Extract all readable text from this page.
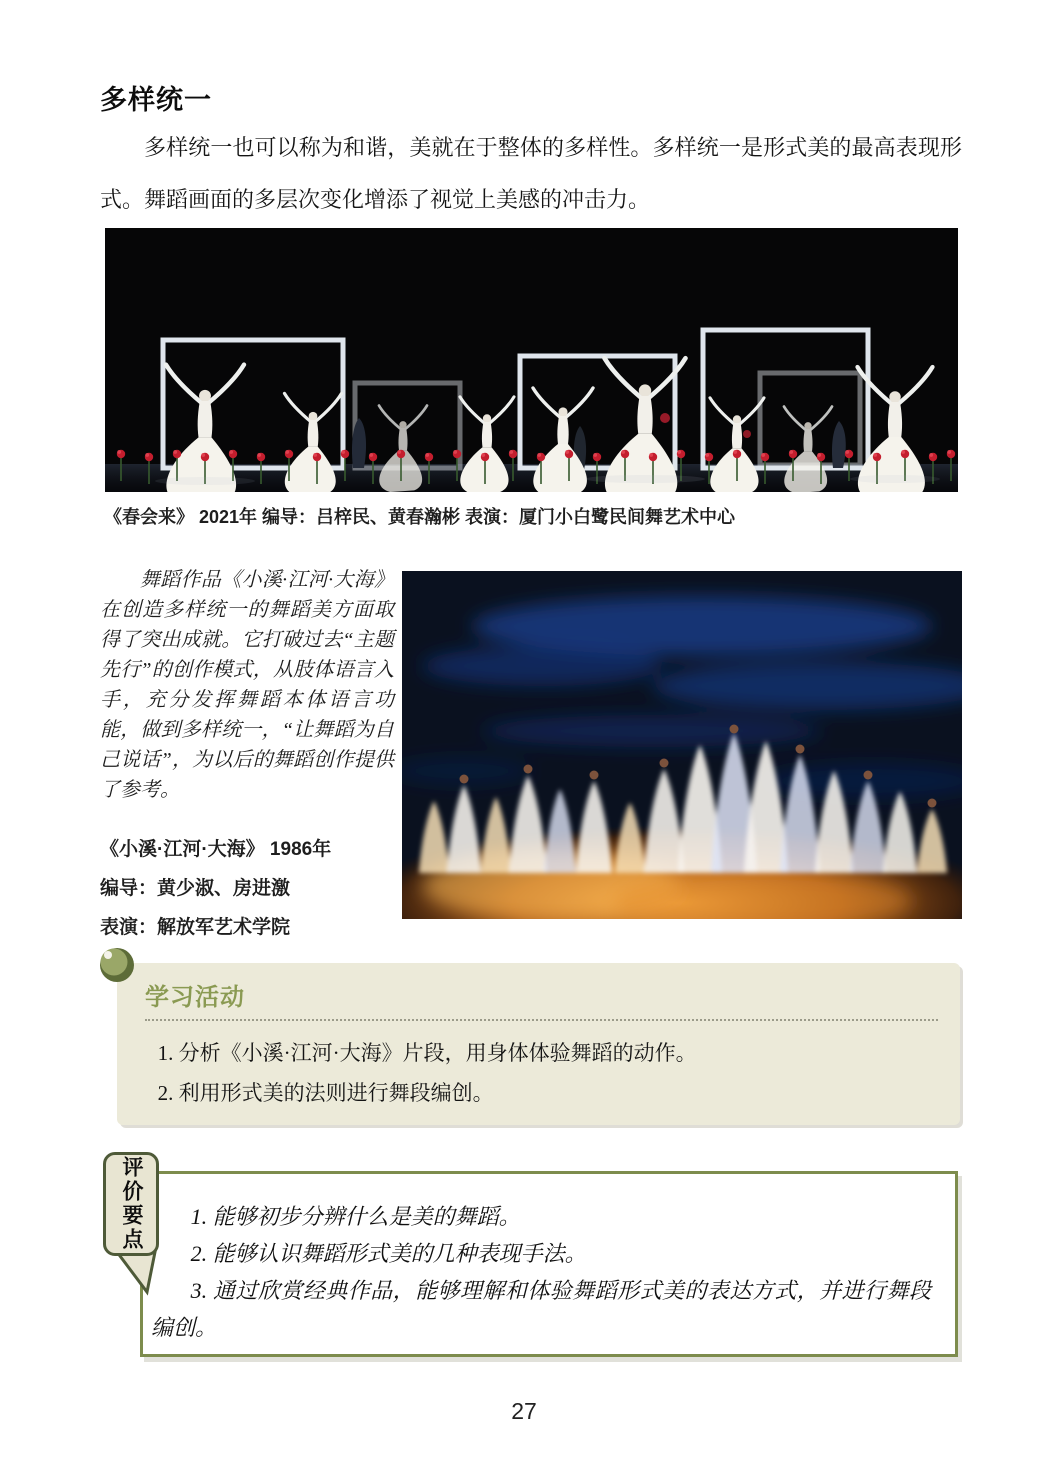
多样统一
多样统一也可以称为和谐，美就在于整体的多样性。多样统一是形式美的最高表现形式。舞蹈画面的多层次变化增添了视觉上美感的冲击力。
《春会来》 2021年 编导：吕梓民、黄春瀚彬 表演：厦门小白鹭民间舞艺术中心
舞蹈作品《小溪·江河·大海》在创造多样统一的舞蹈美方面取得了突出成就。它打破过去“主题先行”的创作模式，从肢体语言入手，充分发挥舞蹈本体语言功能，做到多样统一，“让舞蹈为自己说话”，为以后的舞蹈创作提供了参考。
《小溪·江河·大海》 1986年
编导：黄少淑、房进激
表演：解放军艺术学院
学习活动

1. 分析《小溪·江河·大海》片段，用身体体验舞蹈的动作。

2. 利用形式美的法则进行舞段编创。

1. 能够初步分辨什么是美的舞蹈。

2. 能够认识舞蹈形式美的几种表现手法。

3. 通过欣赏经典作品，能够理解和体验舞蹈形式美的表达方式，并进行舞段编创。

评价要点
27
